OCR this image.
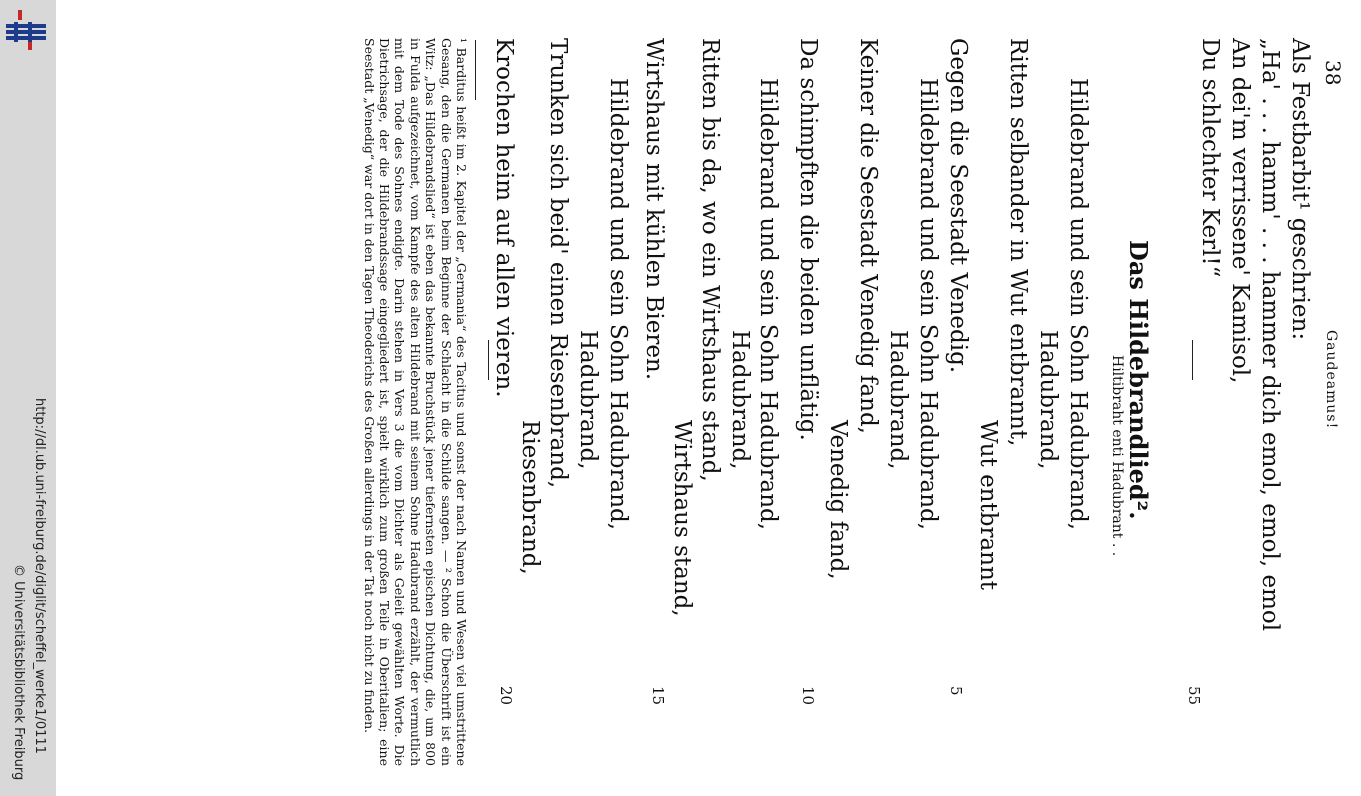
http://dl.ub.uni-freiburg.de/diglit/scheffel_werke1/0111
© Universitätsbibliothek Freiburg
38
Gaudeamus!
Als Festbarbit¹ geschrien:
„Ha' . . . hamm' . . . hammer dich emol, emol, emol
An dei'm verrissene' Kamisol,
Du schlechter Kerl!“
55
Das Hildebrandlied².
Hiltibraht enti Hadubrant . .
Hildebrand und sein Sohn Hadubrand,
Hadubrand,
Ritten selbander in Wut entbrannt,
Wut entbrannt
Gegen die Seestadt Venedig.
5
Hildebrand und sein Sohn Hadubrand,
Hadubrand,
Keiner die Seestadt Venedig fand,
Venedig fand,
Da schimpften die beiden unflätig.
10
Hildebrand und sein Sohn Hadubrand,
Hadubrand,
Ritten bis da, wo ein Wirtshaus stand,
Wirtshaus stand,
Wirtshaus mit kühlen Bieren.
15
Hildebrand und sein Sohn Hadubrand,
Hadubrand,
Trunken sich beid' einen Riesenbrand,
Riesenbrand,
Krochen heim auf allen vieren.
20
¹ Barditus heißt im 2. Kapitel der „Germania“ des Tacitus und sonst der nach Namen und Wesen viel umstrittene Gesang, den die Germanen beim Beginne der Schlacht in die Schilde sangen. — ² Schon die Überschrift ist ein Witz: „Das Hildebrandslied“ ist eben das bekannte Bruchstück jener tiefernsten epischen Dichtung, die, um 800 in Fulda aufgezeichnet, vom Kampfe des alten Hildebrand mit seinem Sohne Hadubrand erzählt, der vermutlich mit dem Tode des Sohnes endigte. Darin stehen in Vers 3 die vom Dichter als Geleit gewählten Worte. Die Dietrichsage, der die Hildebrandssage eingegliedert ist, spielt wirklich zum großen Teile in Oberitalien; eine Seestadt „Venedig“ war dort in den Tagen Theoderichs des Großen allerdings in der Tat noch nicht zu finden.
